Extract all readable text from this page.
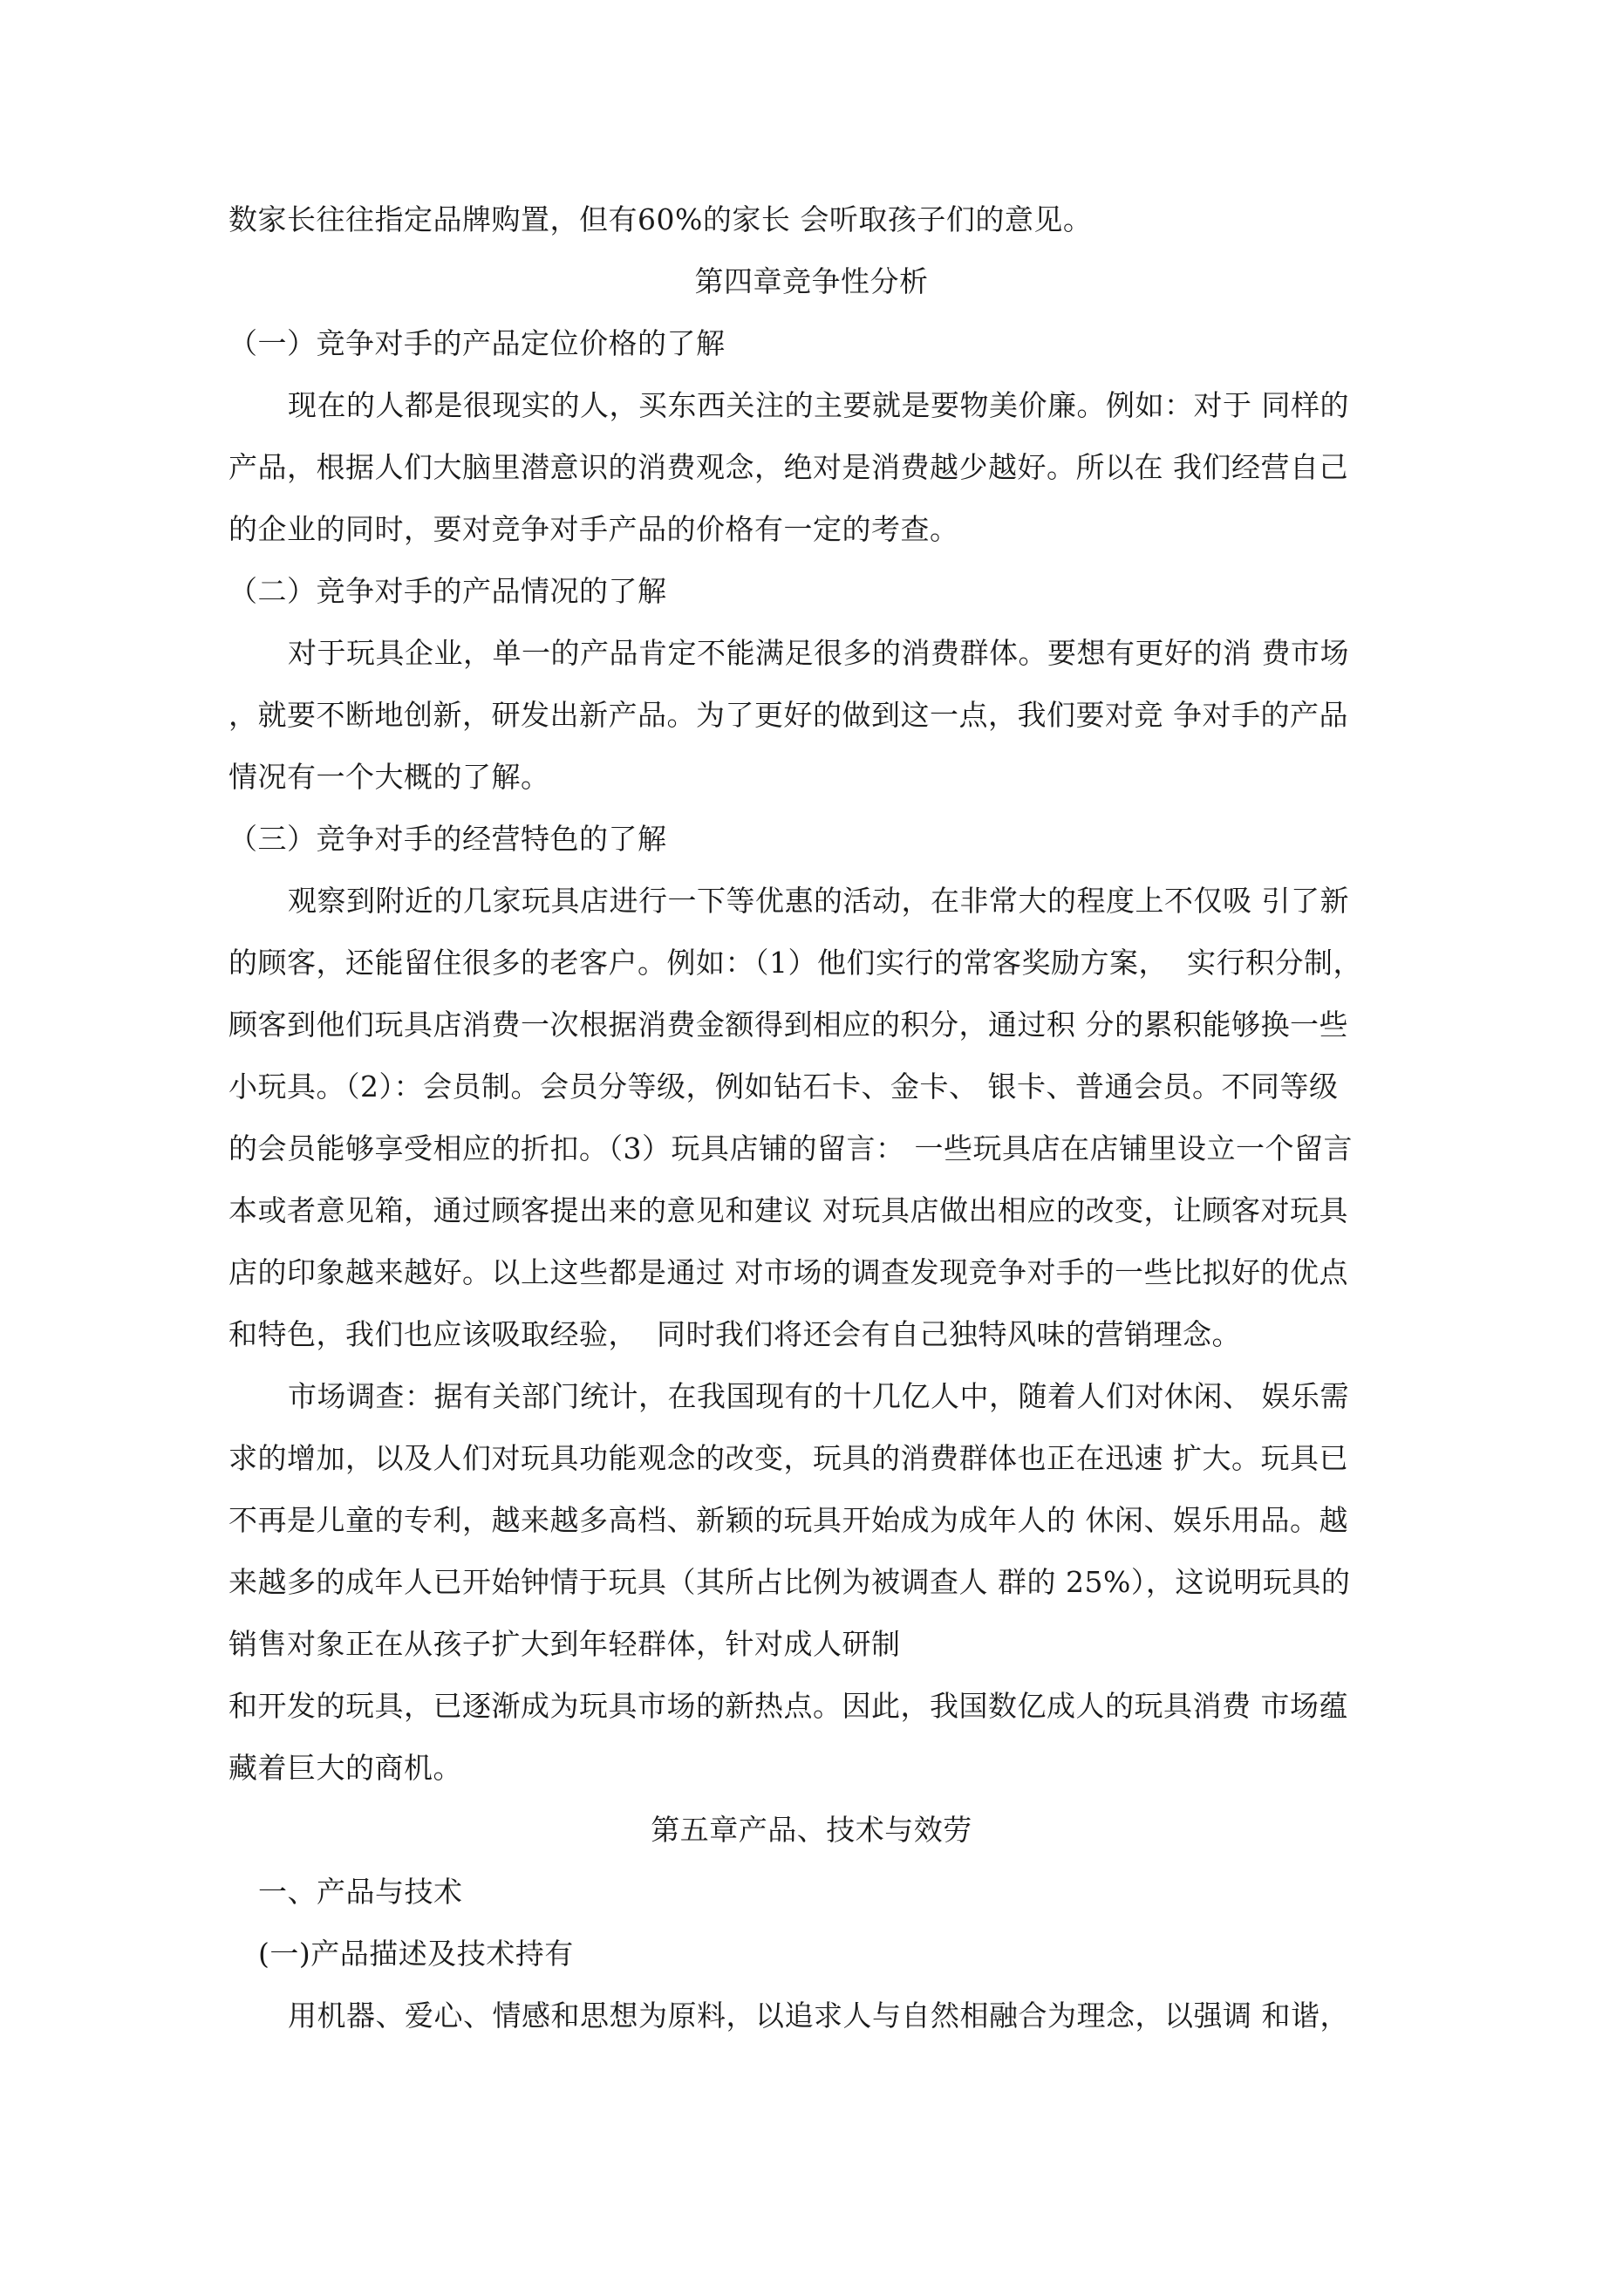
数家长往往指定品牌购置，但有60%的家长 会听取孩子们的意见。
第四章竞争性分析
（一）竞争对手的产品定位价格的了解
现在的人都是很现实的人，买东西关注的主要就是要物美价廉。例如：对于 同样的
产品，根据人们大脑里潜意识的消费观念，绝对是消费越少越好。所以在 我们经营自己
的企业的同时，要对竞争对手产品的价格有一定的考查。
（二）竞争对手的产品情况的了解
对于玩具企业，单一的产品肯定不能满足很多的消费群体。要想有更好的消 费市场
，就要不断地创新，研发出新产品。为了更好的做到这一点，我们要对竞 争对手的产品
情况有一个大概的了解。
（三）竞争对手的经营特色的了解
观察到附近的几家玩具店进行一下等优惠的活动，在非常大的程度上不仅吸 引了新
的顾客，还能留住很多的老客户。例如：（1）他们实行的常客奖励方案，  实行积分制，
顾客到他们玩具店消费一次根据消费金额得到相应的积分，通过积 分的累积能够换一些
小玩具。（2）：会员制。会员分等级，例如钻石卡、金卡、 银卡、普通会员。不同等级
的会员能够享受相应的折扣。（3）玩具店铺的留言： 一些玩具店在店铺里设立一个留言
本或者意见箱，通过顾客提出来的意见和建议 对玩具店做出相应的改变，让顾客对玩具
店的印象越来越好。以上这些都是通过 对市场的调查发现竞争对手的一些比拟好的优点
和特色，我们也应该吸取经验，  同时我们将还会有自己独特风味的营销理念。
市场调查：据有关部门统计，在我国现有的十几亿人中，随着人们对休闲、 娱乐需
求的增加，以及人们对玩具功能观念的改变，玩具的消费群体也正在迅速 扩大。玩具已
不再是儿童的专利，越来越多高档、新颖的玩具开始成为成年人的 休闲、娱乐用品。越
来越多的成年人已开始钟情于玩具（其所占比例为被调查人 群的 25%），这说明玩具的
销售对象正在从孩子扩大到年轻群体，针对成人研制
和开发的玩具，已逐渐成为玩具市场的新热点。因此，我国数亿成人的玩具消费 市场蕴
藏着巨大的商机。
第五章产品、技术与效劳
一、产品与技术
(一)产品描述及技术持有
用机器、爱心、情感和思想为原料，以追求人与自然相融合为理念，以强调 和谐，
